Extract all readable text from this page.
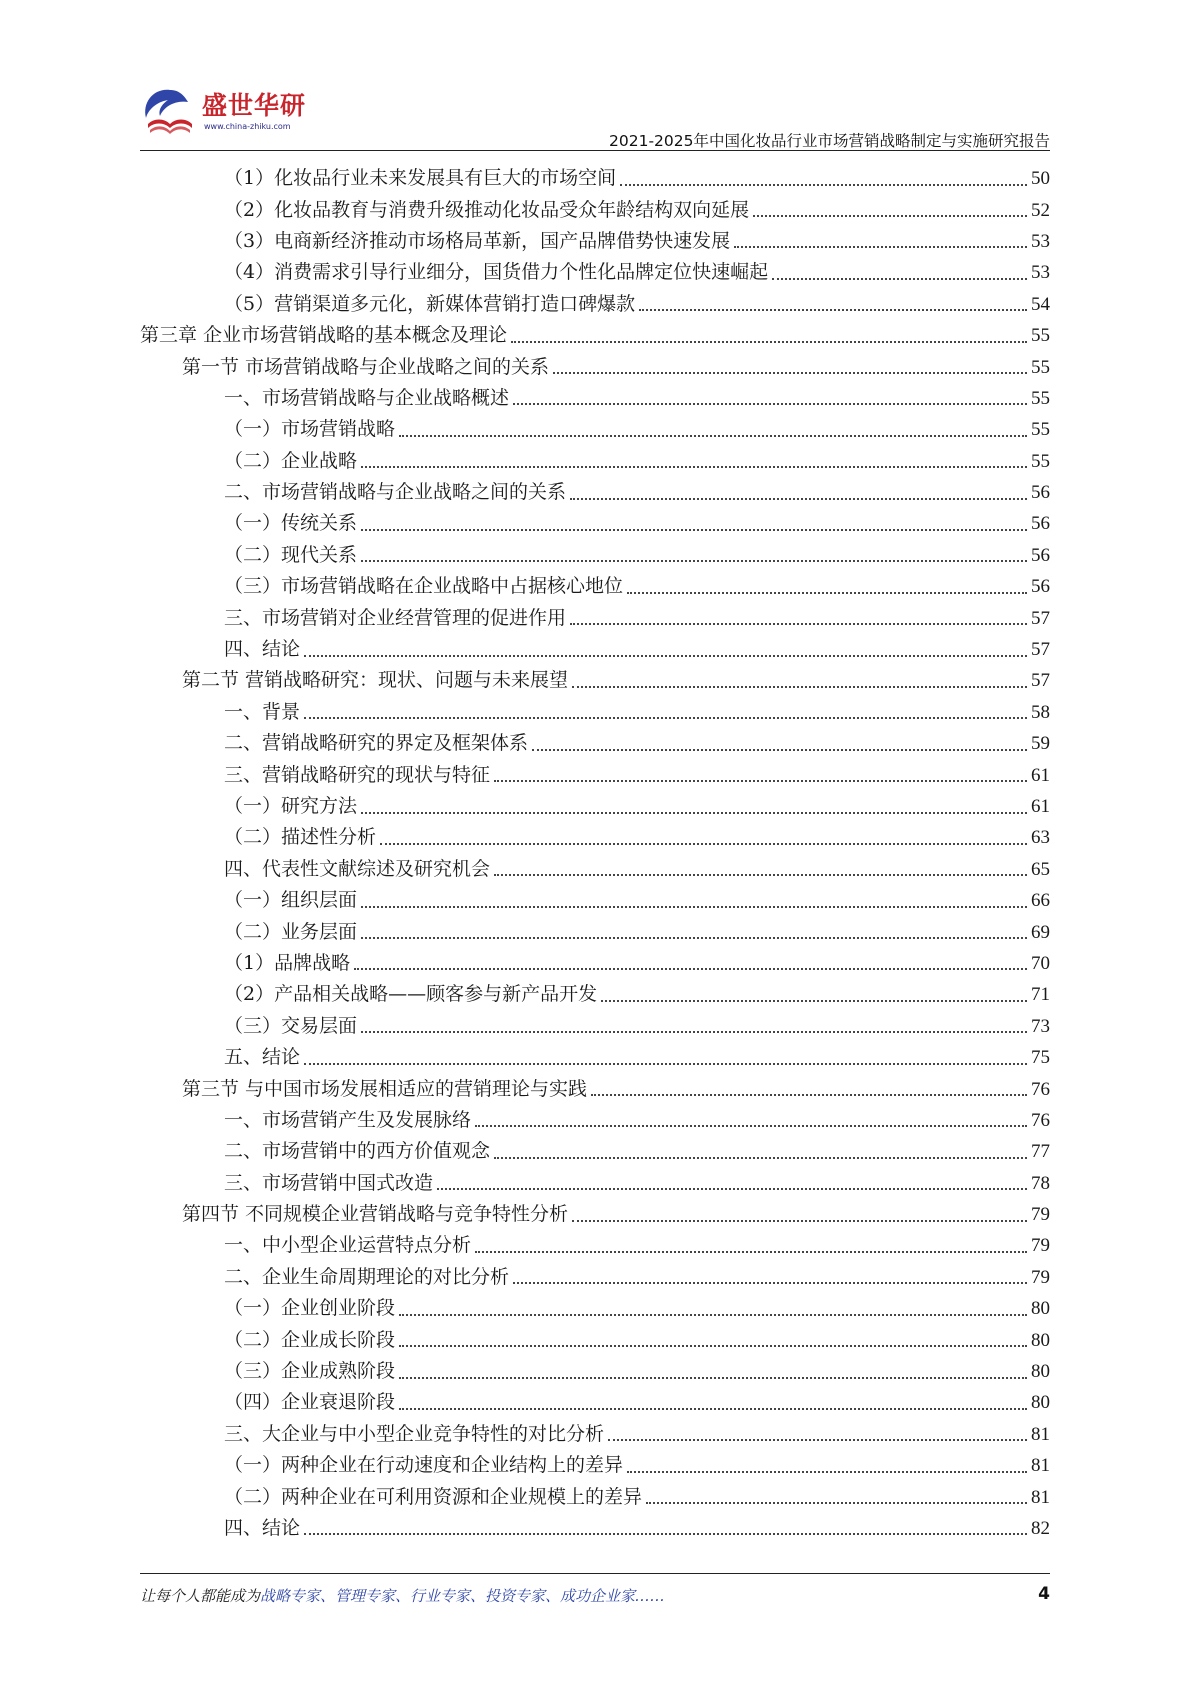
盛世华研
www.china-zhiku.com
2021-2025年中国化妆品行业市场营销战略制定与实施研究报告
（1）化妆品行业未来发展具有巨大的市场空间	50
（2）化妆品教育与消费升级推动化妆品受众年龄结构双向延展	52
（3）电商新经济推动市场格局革新，国产品牌借势快速发展	53
（4）消费需求引导行业细分，国货借力个性化品牌定位快速崛起	53
（5）营销渠道多元化，新媒体营销打造口碑爆款	54
第三章 企业市场营销战略的基本概念及理论	55
第一节 市场营销战略与企业战略之间的关系	55
一、市场营销战略与企业战略概述	55
（一）市场营销战略	55
（二）企业战略	55
二、市场营销战略与企业战略之间的关系	56
（一）传统关系	56
（二）现代关系	56
（三）市场营销战略在企业战略中占据核心地位	56
三、市场营销对企业经营管理的促进作用	57
四、结论	57
第二节 营销战略研究：现状、问题与未来展望	57
一、背景	58
二、营销战略研究的界定及框架体系	59
三、营销战略研究的现状与特征	61
（一）研究方法	61
（二）描述性分析	63
四、代表性文献综述及研究机会	65
（一）组织层面	66
（二）业务层面	69
（1）品牌战略	70
（2）产品相关战略——顾客参与新产品开发	71
（三）交易层面	73
五、结论	75
第三节 与中国市场发展相适应的营销理论与实践	76
一、市场营销产生及发展脉络	76
二、市场营销中的西方价值观念	77
三、市场营销中国式改造	78
第四节 不同规模企业营销战略与竞争特性分析	79
一、中小型企业运营特点分析	79
二、企业生命周期理论的对比分析	79
（一）企业创业阶段	80
（二）企业成长阶段	80
（三）企业成熟阶段	80
（四）企业衰退阶段	80
三、大企业与中小型企业竞争特性的对比分析	81
（一）两种企业在行动速度和企业结构上的差异	81
（二）两种企业在可利用资源和企业规模上的差异	81
四、结论	82
让每个人都能成为战略专家、管理专家、行业专家、投资专家、成功企业家……	4
